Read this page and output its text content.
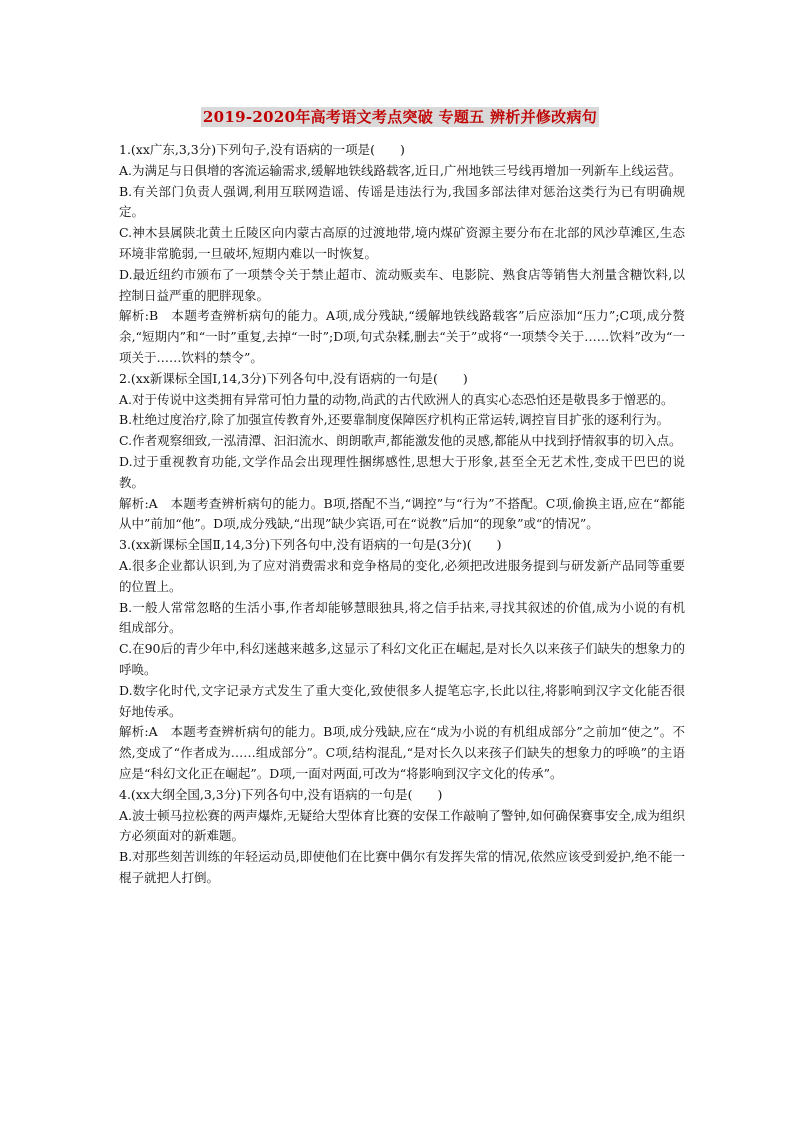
2019-2020年高考语文考点突破 专题五 辨析并修改病句

1.(xx广东,3,3分)下列句子,没有语病的一项是(　　)

A.为满足与日俱增的客流运输需求,缓解地铁线路载客,近日,广州地铁三号线再增加一列新车上线运营。

B.有关部门负责人强调,利用互联网造谣、传谣是违法行为,我国多部法律对惩治这类行为已有明确规定。

C.神木县属陕北黄土丘陵区向内蒙古高原的过渡地带,境内煤矿资源主要分布在北部的风沙草滩区,生态环境非常脆弱,一旦破坏,短期内难以一时恢复。

D.最近纽约市颁布了一项禁令关于禁止超市、流动贩卖车、电影院、熟食店等销售大剂量含糖饮料,以控制日益严重的肥胖现象。

解析:B　本题考查辨析病句的能力。A项,成分残缺,“缓解地铁线路载客”后应添加“压力”;C项,成分赘余,“短期内”和“一时”重复,去掉“一时”;D项,句式杂糅,删去“关于”或将“一项禁令关于……饮料”改为“一项关于……饮料的禁令”。

2.(xx新课标全国Ⅰ,14,3分)下列各句中,没有语病的一句是(　　)

A.对于传说中这类拥有异常可怕力量的动物,尚武的古代欧洲人的真实心态恐怕还是敬畏多于憎恶的。

B.杜绝过度治疗,除了加强宣传教育外,还要靠制度保障医疗机构正常运转,调控盲目扩张的逐利行为。

C.作者观察细致,一泓清潭、汩汩流水、朗朗歌声,都能激发他的灵感,都能从中找到抒情叙事的切入点。

D.过于重视教育功能,文学作品会出现理性捆绑感性,思想大于形象,甚至全无艺术性,变成干巴巴的说教。

解析:A　本题考查辨析病句的能力。B项,搭配不当,“调控”与“行为”不搭配。C项,偷换主语,应在“都能从中”前加“他”。D项,成分残缺,“出现”缺少宾语,可在“说教”后加“的现象”或“的情况”。

3.(xx新课标全国Ⅱ,14,3分)下列各句中,没有语病的一句是(3分)(　　)

A.很多企业都认识到,为了应对消费需求和竞争格局的变化,必须把改进服务提到与研发新产品同等重要的位置上。

B.一般人常常忽略的生活小事,作者却能够慧眼独具,将之信手拈来,寻找其叙述的价值,成为小说的有机组成部分。

C.在90后的青少年中,科幻迷越来越多,这显示了科幻文化正在崛起,是对长久以来孩子们缺失的想象力的呼唤。

D.数字化时代,文字记录方式发生了重大变化,致使很多人提笔忘字,长此以往,将影响到汉字文化能否很好地传承。

解析:A　本题考查辨析病句的能力。B项,成分残缺,应在“成为小说的有机组成部分”之前加“使之”。不然,变成了“作者成为……组成部分”。C项,结构混乱,“是对长久以来孩子们缺失的想象力的呼唤”的主语应是“科幻文化正在崛起”。D项,一面对两面,可改为“将影响到汉字文化的传承”。

4.(xx大纲全国,3,3分)下列各句中,没有语病的一句是(　　)

A.波士顿马拉松赛的两声爆炸,无疑给大型体育比赛的安保工作敲响了警钟,如何确保赛事安全,成为组织方必须面对的新难题。

B.对那些刻苦训练的年轻运动员,即使他们在比赛中偶尔有发挥失常的情况,依然应该受到爱护,绝不能一棍子就把人打倒。
